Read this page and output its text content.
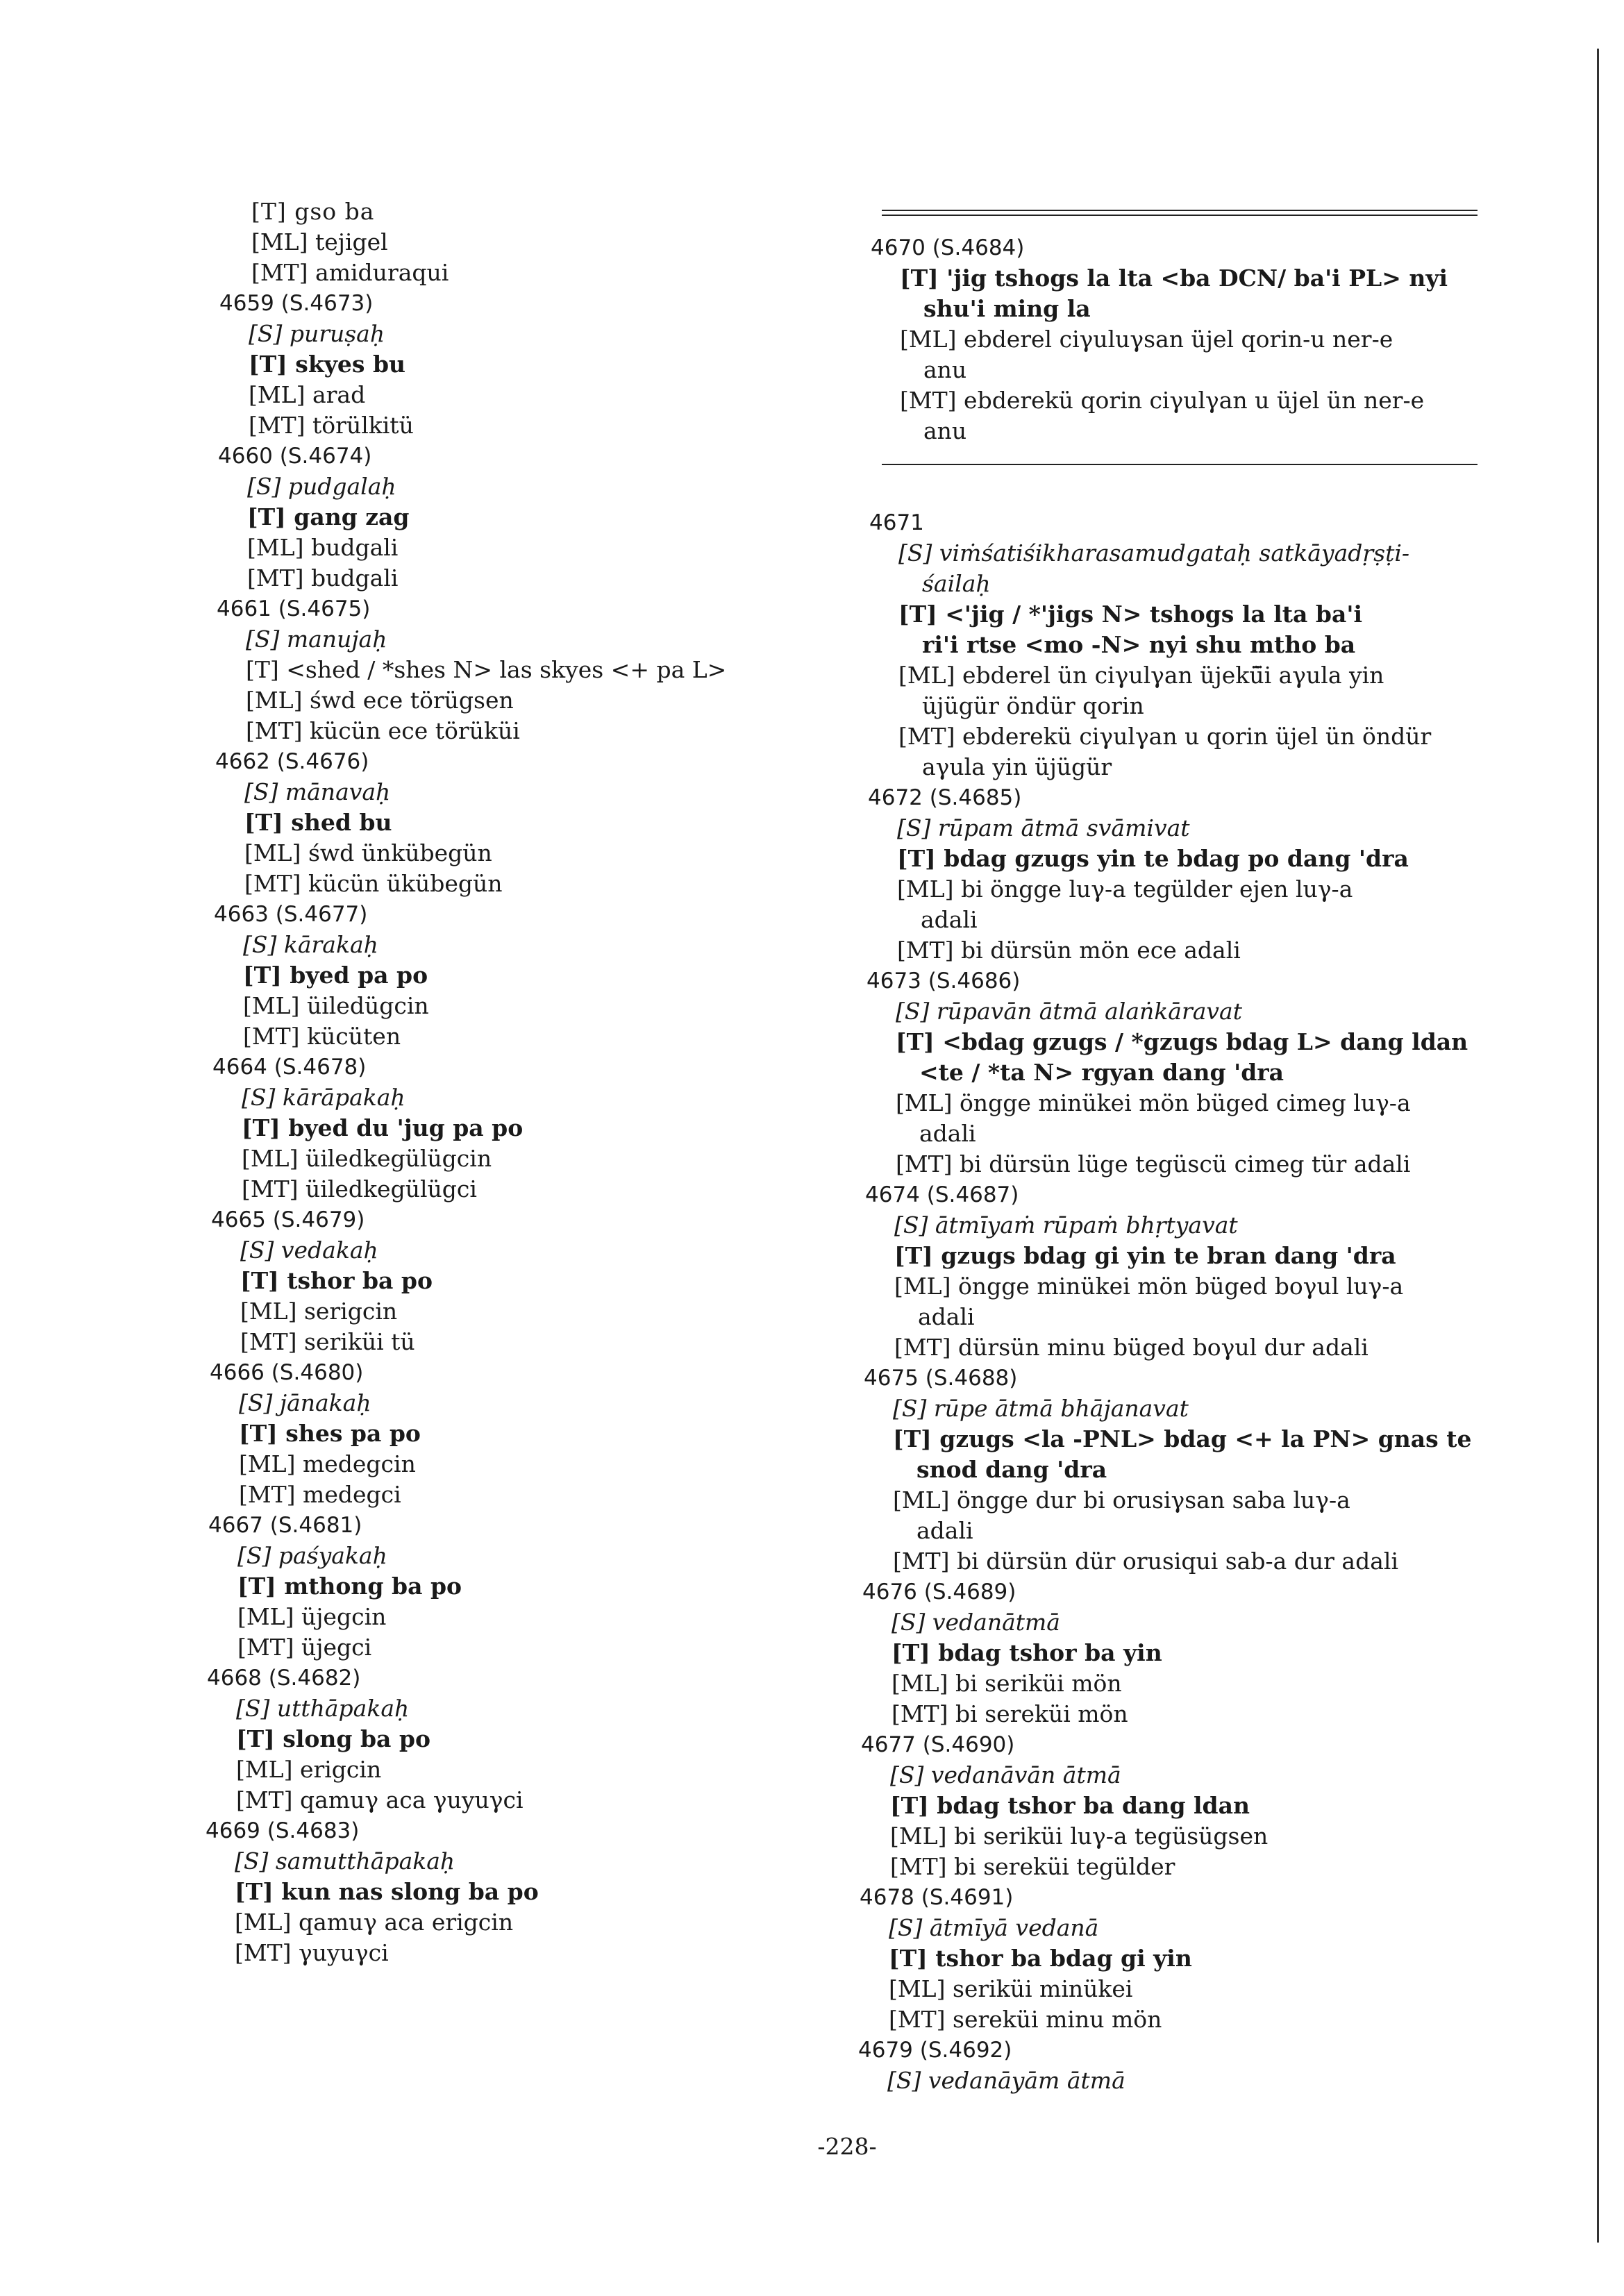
[T] gso ba
[ML] tejigel
[MT] amiduraqui
4659 (S.4673)
[S] puruṣaḥ
[T] skyes bu
[ML] arad
[MT] törülkitü
4660 (S.4674)
[S] pudgalaḥ
[T] gang zag
[ML] budgali
[MT] budgali
4661 (S.4675)
[S] manujaḥ
[T] <shed / *shes N> las skyes <+ pa L>
[ML] śwd ece törügsen
[MT] kücün ece törüküi
4662 (S.4676)
[S] mānavaḥ
[T] shed bu
[ML] śwd ünkübegün
[MT] kücün ükübegün
4663 (S.4677)
[S] kārakaḥ
[T] byed pa po
[ML] üiledügcin
[MT] kücüten
4664 (S.4678)
[S] kārāpakaḥ
[T] byed du 'jug pa po
[ML] üiledkegülügcin
[MT] üiledkegülügci
4665 (S.4679)
[S] vedakaḥ
[T] tshor ba po
[ML] serigcin
[MT] seriküi tü
4666 (S.4680)
[S] jānakaḥ
[T] shes pa po
[ML] medegcin
[MT] medegci
4667 (S.4681)
[S] paśyakaḥ
[T] mthong ba po
[ML] üjegcin
[MT] üjegci
4668 (S.4682)
[S] utthāpakaḥ
[T] slong ba po
[ML] erigcin
[MT] qamuγ aca γuyuγci
4669 (S.4683)
[S] samutthāpakaḥ
[T] kun nas slong ba po
[ML] qamuγ aca erigcin
[MT] γuyuγci
4670 (S.4684)
[T] 'jig tshogs la lta <ba DCN/ ba'i PL> nyi
shu'i ming la
[ML] ebderel ciγuluγsan üjel qorin-u ner-e
anu
[MT] ebderekü qorin ciγulγan u üjel ün ner-e
anu
4671
[S] viṁśatiśikharasamudgataḥ satkāyadṛṣṭi-
śailaḥ
[T] <'jig / *'jigs N> tshogs la lta ba'i
ri'i rtse <mo -N> nyi shu mtho ba
[ML] ebderel ün ciγulγan üjekü̈i aγula yin
üjügür öndür qorin
[MT] ebderekü ciγulγan u qorin üjel ün öndür
aγula yin üjügür
4672 (S.4685)
[S] rūpam ātmā svāmivat
[T] bdag gzugs yin te bdag po dang 'dra
[ML] bi öngge luγ-a tegülder ejen luγ-a
adali
[MT] bi dürsün mön ece adali
4673 (S.4686)
[S] rūpavān ātmā alaṅkāravat
[T] <bdag gzugs / *gzugs bdag L> dang ldan
<te / *ta N> rgyan dang 'dra
[ML] öngge minükei mön büged cimeg luγ-a
adali
[MT] bi dürsün lüge tegüscü cimeg tür adali
4674 (S.4687)
[S] ātmīyaṁ rūpaṁ bhṛtyavat
[T] gzugs bdag gi yin te bran dang 'dra
[ML] öngge minükei mön büged boγul luγ-a
adali
[MT] dürsün minu büged boγul dur adali
4675 (S.4688)
[S] rūpe ātmā bhājanavat
[T] gzugs <la -PNL> bdag <+ la PN> gnas te
snod dang 'dra
[ML] öngge dur bi orusiγsan saba luγ-a
adali
[MT] bi dürsün dür orusiqui sab-a dur adali
4676 (S.4689)
[S] vedanātmā
[T] bdag tshor ba yin
[ML] bi seriküi mön
[MT] bi sereküi mön
4677 (S.4690)
[S] vedanāvān ātmā
[T] bdag tshor ba dang ldan
[ML] bi seriküi luγ-a tegüsügsen
[MT] bi sereküi tegülder
4678 (S.4691)
[S] ātmīyā vedanā
[T] tshor ba bdag gi yin
[ML] seriküi minükei
[MT] sereküi minu mön
4679 (S.4692)
[S] vedanāyām ātmā
-228-
